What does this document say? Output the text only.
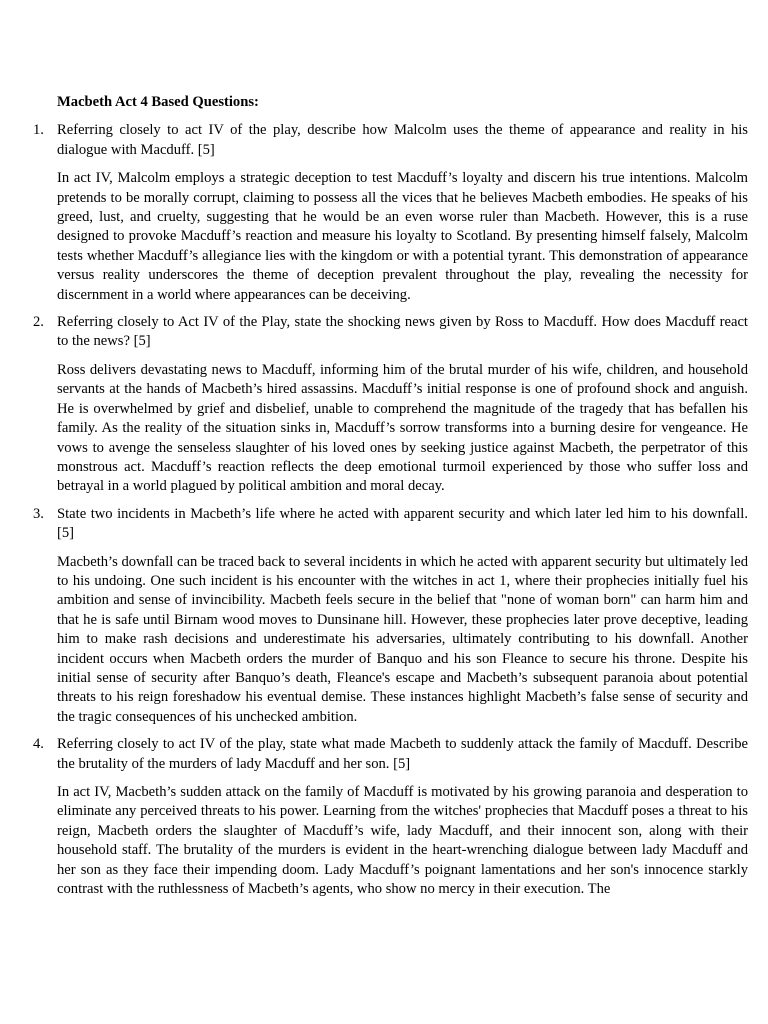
Macbeth Act 4 Based Questions:

1. Referring closely to act IV of the play, describe how Malcolm uses the theme of appearance and reality in his dialogue with Macduff. [5]

In act IV, Malcolm employs a strategic deception to test Macduff’s loyalty and discern his true intentions. Malcolm pretends to be morally corrupt, claiming to possess all the vices that he believes Macbeth embodies. He speaks of his greed, lust, and cruelty, suggesting that he would be an even worse ruler than Macbeth. However, this is a ruse designed to provoke Macduff’s reaction and measure his loyalty to Scotland. By presenting himself falsely, Malcolm tests whether Macduff’s allegiance lies with the kingdom or with a potential tyrant. This demonstration of appearance versus reality underscores the theme of deception prevalent throughout the play, revealing the necessity for discernment in a world where appearances can be deceiving.

2. Referring closely to Act IV of the Play, state the shocking news given by Ross to Macduff. How does Macduff react to the news? [5]

Ross delivers devastating news to Macduff, informing him of the brutal murder of his wife, children, and household servants at the hands of Macbeth’s hired assassins. Macduff’s initial response is one of profound shock and anguish. He is overwhelmed by grief and disbelief, unable to comprehend the magnitude of the tragedy that has befallen his family. As the reality of the situation sinks in, Macduff’s sorrow transforms into a burning desire for vengeance. He vows to avenge the senseless slaughter of his loved ones by seeking justice against Macbeth, the perpetrator of this monstrous act. Macduff’s reaction reflects the deep emotional turmoil experienced by those who suffer loss and betrayal in a world plagued by political ambition and moral decay.

3. State two incidents in Macbeth’s life where he acted with apparent security and which later led him to his downfall. [5]

Macbeth’s downfall can be traced back to several incidents in which he acted with apparent security but ultimately led to his undoing. One such incident is his encounter with the witches in act 1, where their prophecies initially fuel his ambition and sense of invincibility. Macbeth feels secure in the belief that "none of woman born" can harm him and that he is safe until Birnam wood moves to Dunsinane hill. However, these prophecies later prove deceptive, leading him to make rash decisions and underestimate his adversaries, ultimately contributing to his downfall. Another incident occurs when Macbeth orders the murder of Banquo and his son Fleance to secure his throne. Despite his initial sense of security after Banquo’s death, Fleance's escape and Macbeth’s subsequent paranoia about potential threats to his reign foreshadow his eventual demise. These instances highlight Macbeth’s false sense of security and the tragic consequences of his unchecked ambition.

4. Referring closely to act IV of the play, state what made Macbeth to suddenly attack the family of Macduff. Describe the brutality of the murders of lady Macduff and her son. [5]

In act IV, Macbeth’s sudden attack on the family of Macduff is motivated by his growing paranoia and desperation to eliminate any perceived threats to his power. Learning from the witches' prophecies that Macduff poses a threat to his reign, Macbeth orders the slaughter of Macduff’s wife, lady Macduff, and their innocent son, along with their household staff. The brutality of the murders is evident in the heart-wrenching dialogue between lady Macduff and her son as they face their impending doom. Lady Macduff’s poignant lamentations and her son's innocence starkly contrast with the ruthlessness of Macbeth’s agents, who show no mercy in their execution. The
